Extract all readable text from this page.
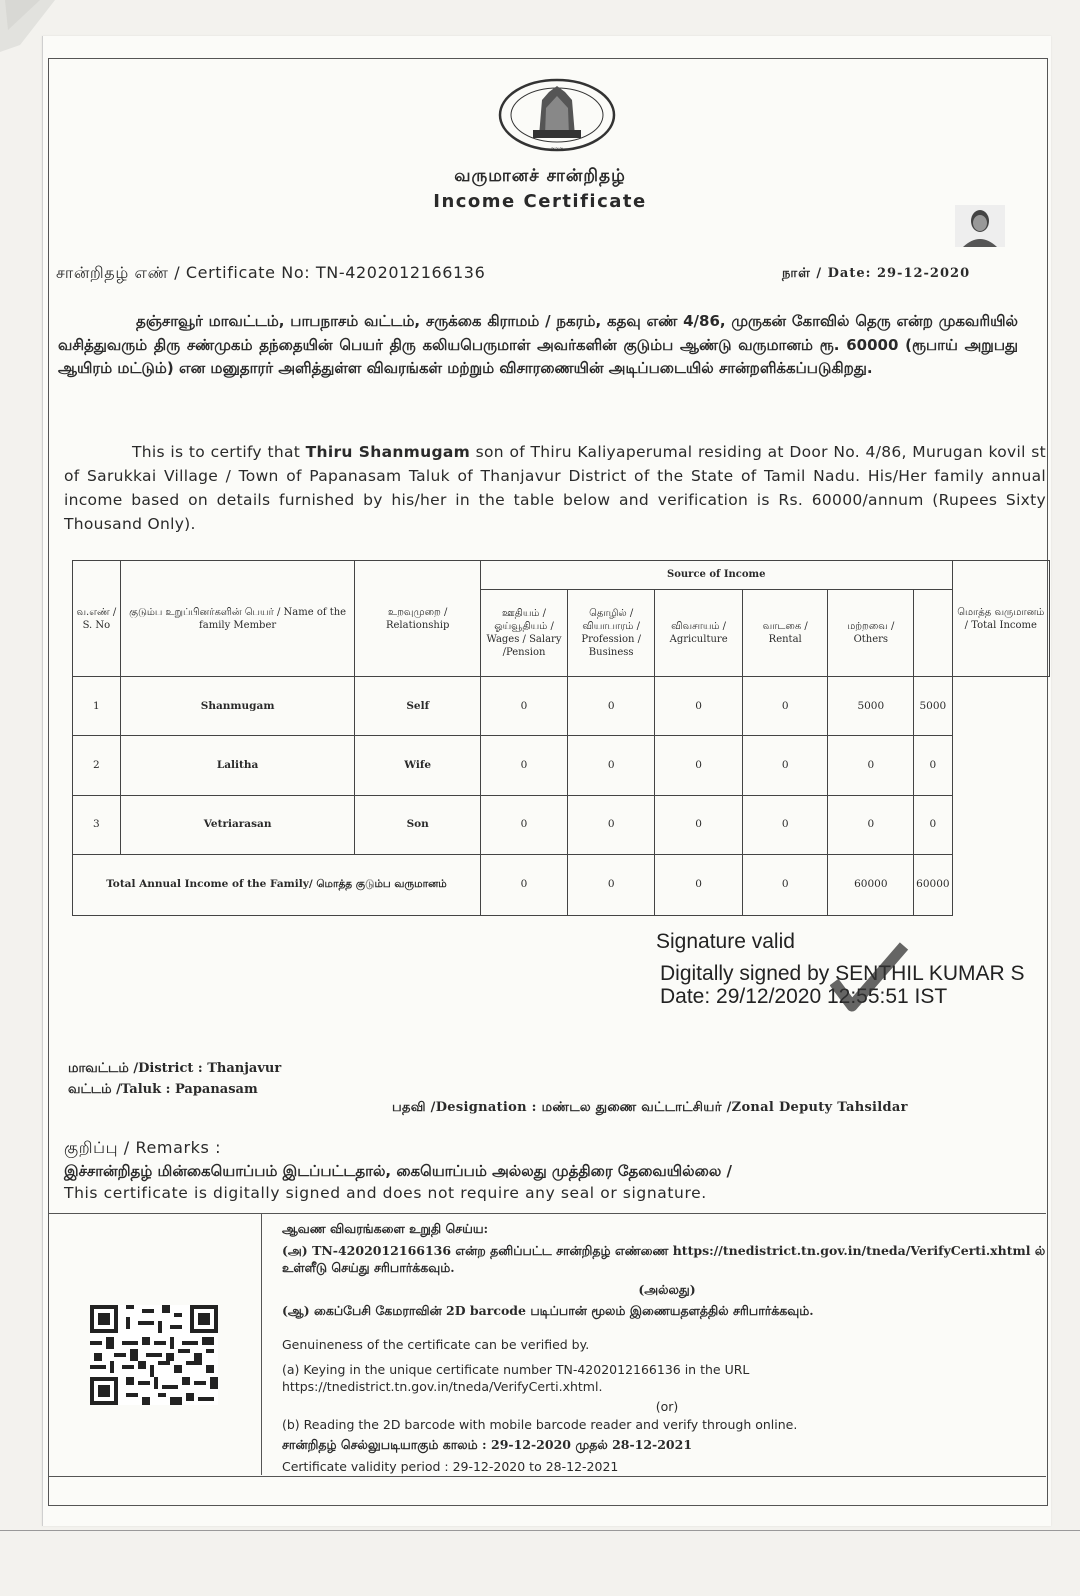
~~~
வருமானச் சான்றிதழ்
Income Certificate
சான்றிதழ் எண் / Certificate No: TN-4202012166136	நாள் / Date: 29-12-2020
தஞ்சாவூர் மாவட்டம், பாபநாசம் வட்டம், சருக்கை கிராமம் / நகரம், கதவு எண் 4/86, முருகன் கோவில் தெரு என்ற முகவரியில் வசித்துவரும் திரு சண்முகம் தந்தையின் பெயர் திரு கலியபெருமாள் அவர்களின் குடும்ப ஆண்டு வருமானம் ரூ. 60000 (ரூபாய் அறுபது ஆயிரம் மட்டும்) என மனுதாரர் அளித்துள்ள விவரங்கள் மற்றும் விசாரணையின் அடிப்படையில் சான்றளிக்கப்படுகிறது.
This is to certify that Thiru Shanmugam son of Thiru Kaliyaperumal residing at Door No. 4/86, Murugan kovil st of Sarukkai Village / Town of Papanasam Taluk of Thanjavur District of the State of Tamil Nadu. His/Her family annual income based on details furnished by his/her in the table below and verification is Rs. 60000/annum (Rupees Sixty Thousand Only).
வ.எண் / S. No	குடும்ப உறுப்பினர்களின் பெயர் / Name of the family Member	உறவுமுறை / Relationship	Source of Income						மொத்த வருமானம் / Total Income
			ஊதியம் / ஓய்வூதியம் / Wages / Salary /Pension	தொழில் / வியாபாரம் / Profession / Business	விவசாயம் / Agriculture	வாடகை / Rental	மற்றவை / Others		
1	Shanmugam	Self	0	0	0	0	5000	5000	
2	Lalitha	Wife	0	0	0	0	0	0	
3	Vetriarasan	Son	0	0	0	0	0	0	
Total Annual Income of the Family/ மொத்த குடும்ப வருமானம்			0	0	0	0	60000	60000	
Signature valid
Digitally signed by SENTHIL KUMAR S
Date: 29/12/2020 12:55:51 IST
மாவட்டம் /District : Thanjavur
வட்டம் /Taluk : Papanasam
பதவி /Designation : மண்டல துணை வட்டாட்சியர் /Zonal Deputy Tahsildar
குறிப்பு / Remarks :
இச்சான்றிதழ் மின்கையொப்பம் இடப்பட்டதால், கையொப்பம் அல்லது முத்திரை தேவையில்லை /
This certificate is digitally signed and does not require any seal or signature.
ஆவண விவரங்களை உறுதி செய்ய:
(அ) TN-4202012166136 என்ற தனிப்பட்ட சான்றிதழ் எண்ணை https://tnedistrict.tn.gov.in/tneda/VerifyCerti.xhtml ல் உள்ளீடு செய்து சரிபார்க்கவும்.
(அல்லது)
(ஆ) கைப்பேசி கேமராவின் 2D barcode படிப்பான் மூலம் இணையதளத்தில் சரிபார்க்கவும்.
Genuineness of the certificate can be verified by.
(a) Keying in the unique certificate number TN-4202012166136 in the URL https://tnedistrict.tn.gov.in/tneda/VerifyCerti.xhtml.
(or)
(b) Reading the 2D barcode with mobile barcode reader and verify through online.
சான்றிதழ் செல்லுபடியாகும் காலம் : 29-12-2020 முதல் 28-12-2021
Certificate validity period : 29-12-2020 to 28-12-2021
